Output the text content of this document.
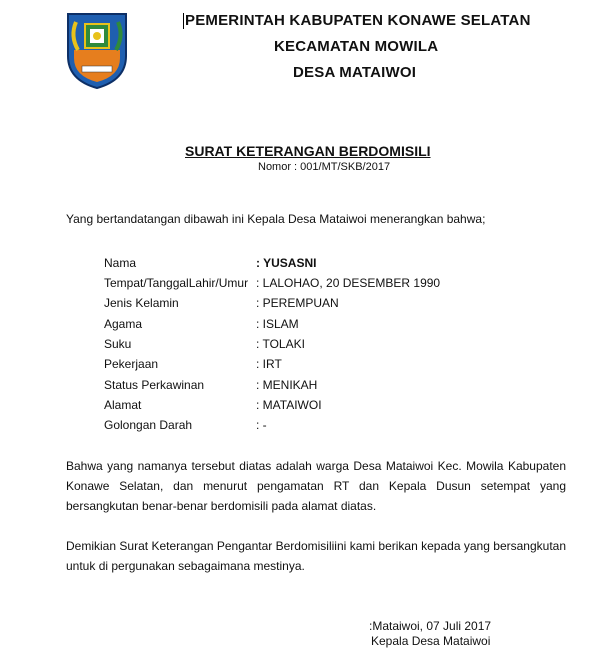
PEMERINTAH KABUPATEN KONAWE SELATAN
KECAMATAN MOWILA
DESA MATAIWOI
SURAT KETERANGAN BERDOMISILI
Nomor : 001/MT/SKB/2017
Yang bertandatangan dibawah ini Kepala Desa Mataiwoi menerangkan bahwa;
Nama	: YUSASNI
Tempat/TanggalLahir/Umur : LALOHAO, 20 DESEMBER 1990
Jenis Kelamin	: PEREMPUAN
Agama	: ISLAM
Suku	: TOLAKI
Pekerjaan	: IRT
Status Perkawinan	: MENIKAH
Alamat	: MATAIWOI
Golongan Darah	: -
Bahwa yang namanya tersebut diatas adalah warga Desa Mataiwoi Kec. Mowila Kabupaten
Konawe Selatan, dan menurut pengamatan RT dan Kepala Dusun setempat yang
bersangkutan benar-benar berdomisili pada alamat diatas.
Demikian Surat Keterangan Pengantar Berdomisiliini kami berikan kepada yang bersangkutan
untuk di pergunakan sebagaimana mestinya.
:Mataiwoi, 07 Juli 2017
Kepala Desa Mataiwoi
